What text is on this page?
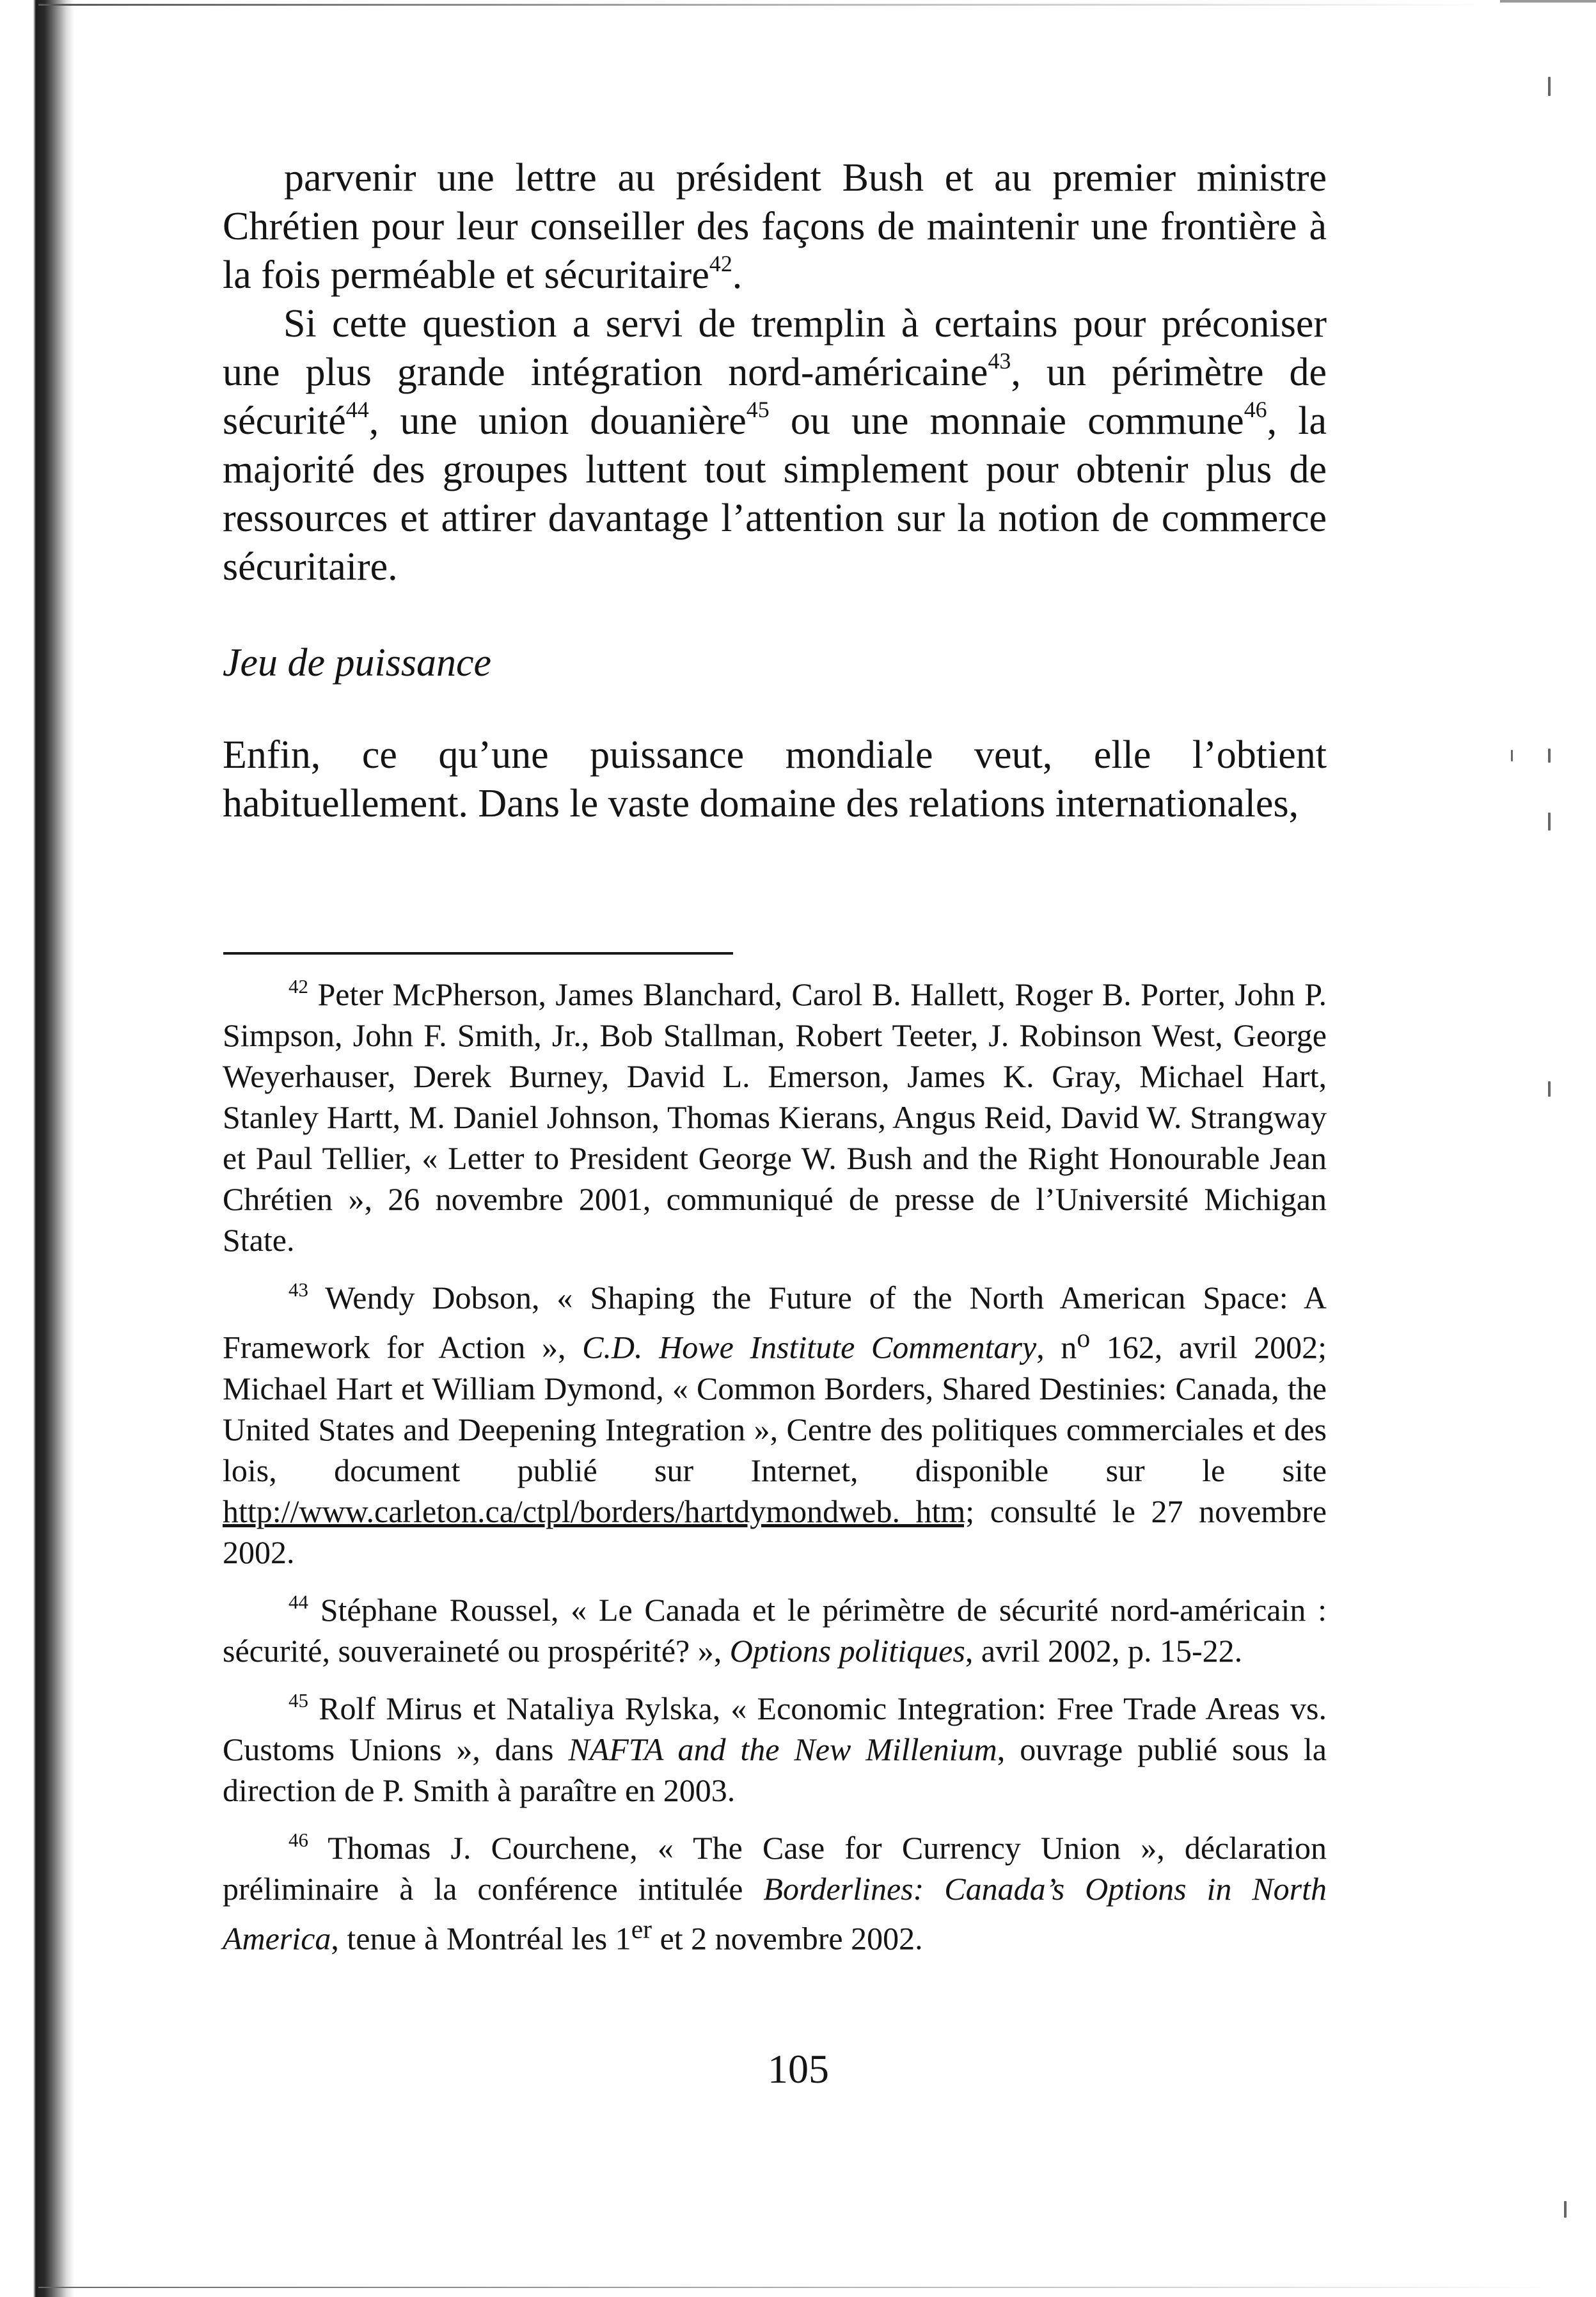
parvenir une lettre au président Bush et au premier ministre Chrétien pour leur conseiller des façons de maintenir une frontière à la fois perméable et sécuritaire$^{42}$.

Si cette question a servi de tremplin à certains pour préconiser une plus grande intégration nord-américaine$^{43}$, un périmètre de sécurité$^{44}$, une union douanière$^{45}$ ou une monnaie commune$^{46}$, la majorité des groupes luttent tout simplement pour obtenir plus de ressources et attirer davantage l’attention sur la notion de commerce sécuritaire.

Jeu de puissance

Enfin, ce qu’une puissance mondiale veut, elle l’obtient habituellement. Dans le vaste domaine des relations internationales,

$^{42}$ Peter McPherson, James Blanchard, Carol B. Hallett, Roger B. Porter, John P. Simpson, John F. Smith, Jr., Bob Stallman, Robert Teeter, J. Robinson West, George Weyerhauser, Derek Burney, David L. Emerson, James K. Gray, Michael Hart, Stanley Hartt, M. Daniel Johnson, Thomas Kierans, Angus Reid, David W. Strangway et Paul Tellier, « Letter to President George W. Bush and the Right Honourable Jean Chrétien », 26 novembre 2001, communiqué de presse de l’Université Michigan State.

$^{43}$ Wendy Dobson, « Shaping the Future of the North American Space: A Framework for Action », C.D. Howe Institute Commentary, $n^o$ 162, avril 2002; Michael Hart et William Dymond, « Common Borders, Shared Destinies: Canada, the United States and Deepening Integration », Centre des politiques commerciales et des lois, document publié sur Internet, disponible sur le site http://www.carleton.ca/ctpl/borders/hartdymondweb. htm; consulté le 27 novembre 2002.

$^{44}$ Stéphane Roussel, « Le Canada et le périmètre de sécurité nord-américain : sécurité, souveraineté ou prospérité? », Options politiques, avril 2002, p. 15-22.

$^{45}$ Rolf Mirus et Nataliya Rylska, « Economic Integration: Free Trade Areas vs. Customs Unions », dans NAFTA and the New Millenium, ouvrage publié sous la direction de P. Smith à paraître en 2003.

$^{46}$ Thomas J. Courchene, « The Case for Currency Union », déclaration préliminaire à la conférence intitulée Borderlines: Canada’s Options in North America, tenue à Montréal les 1er et 2 novembre 2002.

105
